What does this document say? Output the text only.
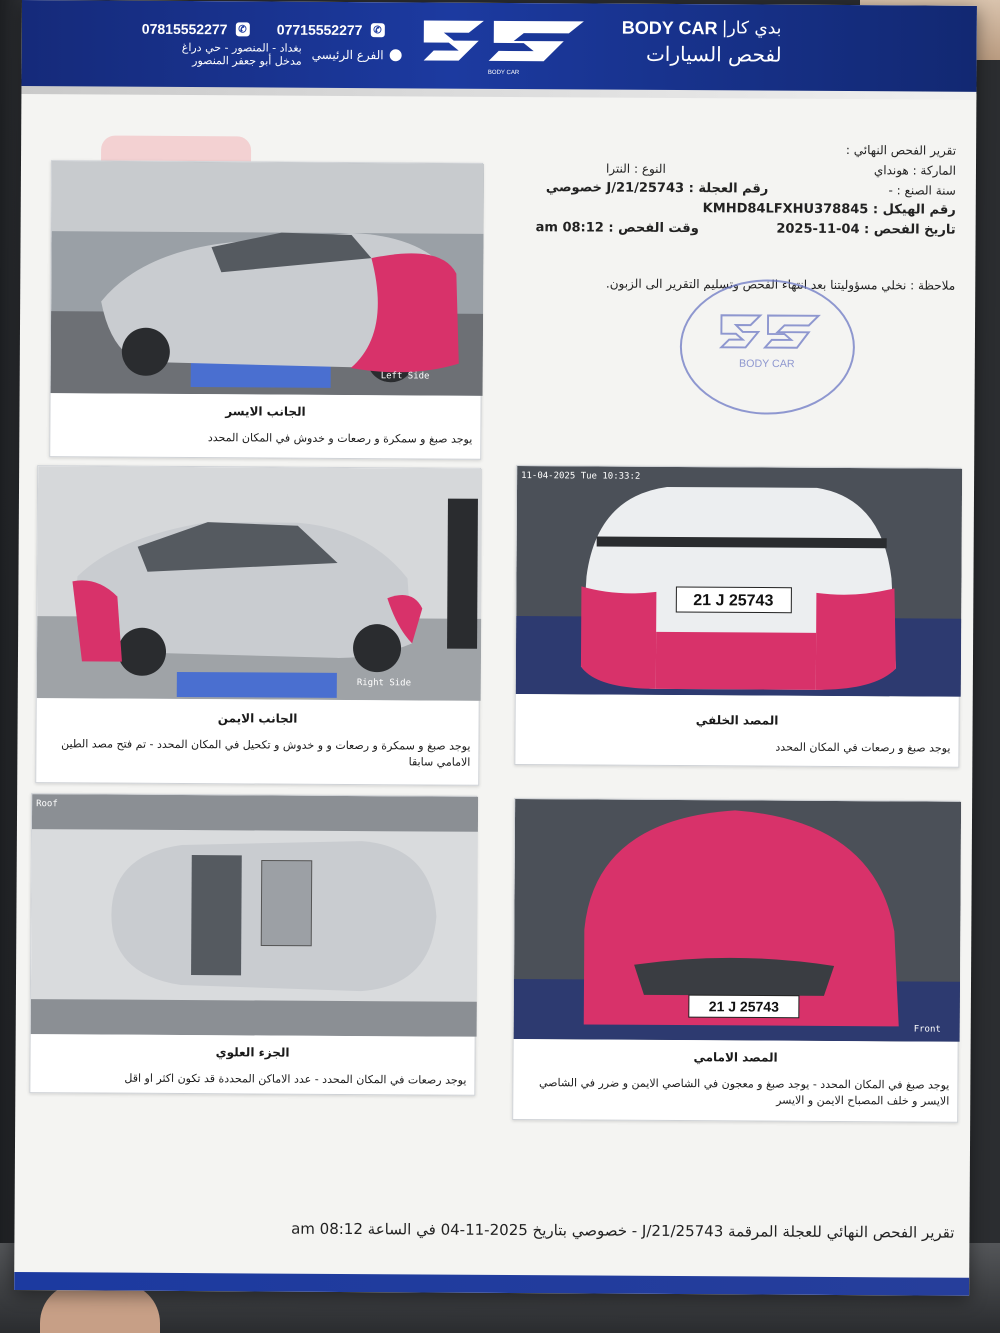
07815552277 ✆ 07715552277 ✆
بغداد - المنصور - حي دراغ
مدخل أبو جعفر المنصور الفرع الرئيسي
BODY CAR
BODY CAR بدي كار|
لفحص السيارات
تقرير الفحص النهائي :
الماركة : هونداي
النوع : النترا
سنة الصنع : -
رقم العجلة : J/21/25743 خصوصي
رقم الهيكل : KMHD84LFXHU378845
تاريخ الفحص : 04-11-2025
وقت الفحص : 08:12 am
ملاحظة : نخلي مسؤوليتنا بعد انتهاء الفحص وتسليم التقرير الى الزبون.
BODY CAR
Left Side
الجانب الايسر
يوجد صبغ و سمكرة و رصعات و خدوش في المكان المحدد
Right Side
الجانب الايمن
يوجد صبغ و سمكرة و رصعات و و خدوش و تكحيل في المكان المحدد - تم فتح مصد الطين الامامي سابقا
21 J 25743
11-04-2025 Tue 10:33:2
المصد الخلفي
يوجد صبغ و رصعات في المكان المحدد
Roof
الجزء العلوي
يوجد رصعات في المكان المحدد - عدد الاماكن المحددة قد تكون اكثر او اقل
21 J 25743
Front
المصد الامامي
يوجد صبغ في المكان المحدد - يوجد صبغ و معجون في الشاصي الايمن و ضرر في الشاصي الايسر و خلف المصباح الايمن و الايسر
تقرير الفحص النهائي للعجلة المرقمة J/21/25743 - خصوصي بتاريخ 2025-11-04 في الساعة 08:12 am
